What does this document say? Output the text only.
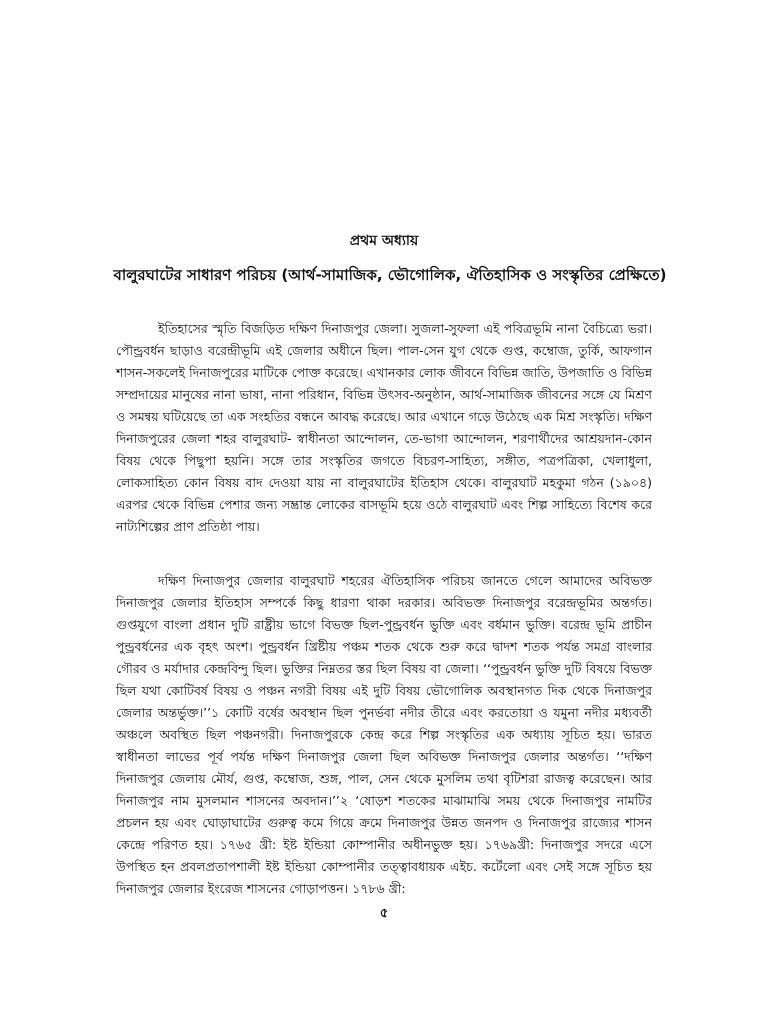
প্রথম অধ্যায়
বালুরঘাটের সাধারণ পরিচয় (আর্থ-সামাজিক, ভৌগোলিক, ঐতিহাসিক ও সংস্কৃতির প্রেক্ষিতে)

ইতিহাসের স্মৃতি বিজড়িত দক্ষিণ দিনাজপুর জেলা। সুজলা-সুফলা এই পবিত্রভূমি নানা বৈচিত্র্যে ভরা। পৌন্ড্রবর্ধন ছাড়াও বরেন্দ্রীভূমি এই জেলার অধীনে ছিল। পাল-সেন যুগ থেকে গুপ্ত, কম্বোজ, তুর্কি, আফগান শাসন-সকলেই দিনাজপুরের মাটিকে পোক্ত করেছে। এখানকার লোক জীবনে বিভিন্ন জাতি, উপজাতি ও বিভিন্ন সম্প্রদায়ের মানুষের নানা ভাষা, নানা পরিধান, বিভিন্ন উৎসব-অনুষ্ঠান, আর্থ-সামাজিক জীবনের সঙ্গে যে মিশ্রণ ও সমন্বয় ঘটিয়েছে তা এক সংহতির বন্ধনে আবদ্ধ করেছে। আর এখানে গড়ে উঠেছে এক মিশ্র সংস্কৃতি। দক্ষিণ দিনাজপুরের জেলা শহর বালুরঘাট- স্বাধীনতা আন্দোলন, তে-ভাগা আন্দোলন, শরণার্থীদের আশ্রয়দান-কোন বিষয় থেকে পিছুপা হয়নি। সঙ্গে তার সংস্কৃতির জগতে বিচরণ-সাহিত্য, সঙ্গীত, পত্রপত্রিকা, খেলাধুলা, লোকসাহিত্য কোন বিষয় বাদ দেওয়া যায় না বালুরঘাটের ইতিহাস থেকে। বালুরঘাট মহকুমা গঠন (১৯০৪) এরপর থেকে বিভিন্ন পেশার জন্য সম্ভ্রান্ত লোকের বাসভূমি হয়ে ওঠে বালুরঘাট এবং শিল্প সাহিত্যে বিশেষ করে নাট্যশিল্পের প্রাণ প্রতিষ্ঠা পায়।

দক্ষিণ দিনাজপুর জেলার বালুরঘাট শহরের ঐতিহাসিক পরিচয় জানতে গেলে আমাদের অবিভক্ত দিনাজপুর জেলার ইতিহাস সম্পর্কে কিছু ধারণা থাকা দরকার। অবিভক্ত দিনাজপুর বরেন্দ্রভূমির অন্তর্গত। গুপ্তযুগে বাংলা প্রধান দুটি রাষ্ট্রীয় ভাগে বিভক্ত ছিল-পুন্ড্রবর্ধন ভুক্তি এবং বর্ধমান ভুক্তি। বরেন্দ্র ভূমি প্রাচীন পুন্ড্রবর্ধনের এক বৃহৎ অংশ। পুন্ড্রবর্ধন খ্রিষ্টীয় পঞ্চম শতক থেকে শুরু করে দ্বাদশ শতক পর্যন্ত সমগ্র বাংলার গৌরব ও মর্যাদার কেন্দ্রবিন্দু ছিল। ভুক্তির নিম্নতর স্তর ছিল বিষয় বা জেলা। ‘‘পুন্ড্রবর্ধন ভুক্তি দুটি বিষয়ে বিভক্ত ছিল যথা কোটিবর্ষ বিষয় ও পঞ্চন নগরী বিষয় এই দুটি বিষয় ভৌগোলিক অবস্থানগত দিক থেকে দিনাজপুর জেলার অন্তর্ভুক্ত।’’১ কোটি বর্ষের অবস্থান ছিল পুনর্ভবা নদীর তীরে এবং করতোয়া ও যমুনা নদীর মধ্যবর্তী অঞ্চলে অবস্থিত ছিল পঞ্চনগরী। দিনাজপুরকে কেন্দ্র করে শিল্প সংস্কৃতির এক অধ্যায় সূচিত হয়। ভারত স্বাধীনতা লাভের পূর্ব পর্যন্ত দক্ষিণ দিনাজপুর জেলা ছিল অবিভক্ত দিনাজপুর জেলার অন্তর্গত। ‘‘দক্ষিণ দিনাজপুর জেলায় মৌর্য, গুপ্ত, কম্বোজ, শুঙ্গ, পাল, সেন থেকে মুসলিম তথা বৃটিশরা রাজত্ব করেছেন। আর দিনাজপুর নাম মুসলমান শাসনের অবদান।’’২ ‘ষোড়শ শতকের মাঝামাঝি সময় থেকে দিনাজপুর নামটির প্রচলন হয় এবং ঘোড়াঘাটের গুরুত্ব কমে গিয়ে ক্রমে দিনাজপুর উন্নত জনপদ ও দিনাজপুর রাজ্যের শাসন কেন্দ্রে পরিণত হয়। ১৭৬৫ খ্রী: ইষ্ট ইন্ডিয়া কোম্পানীর অধীনভুক্ত হয়। ১৭৬৯খ্রী: দিনাজপুর সদরে এসে উপস্থিত হন প্রবলপ্রতাপশালী ইষ্ট ইন্ডিয়া কোম্পানীর তত্ত্বাবধায়ক এইচ. কর্টেলো এবং সেই সঙ্গে সূচিত হয় দিনাজপুর জেলার ইংরেজ শাসনের গোড়াপত্তন। ১৭৮৬ খ্রী:

৫
